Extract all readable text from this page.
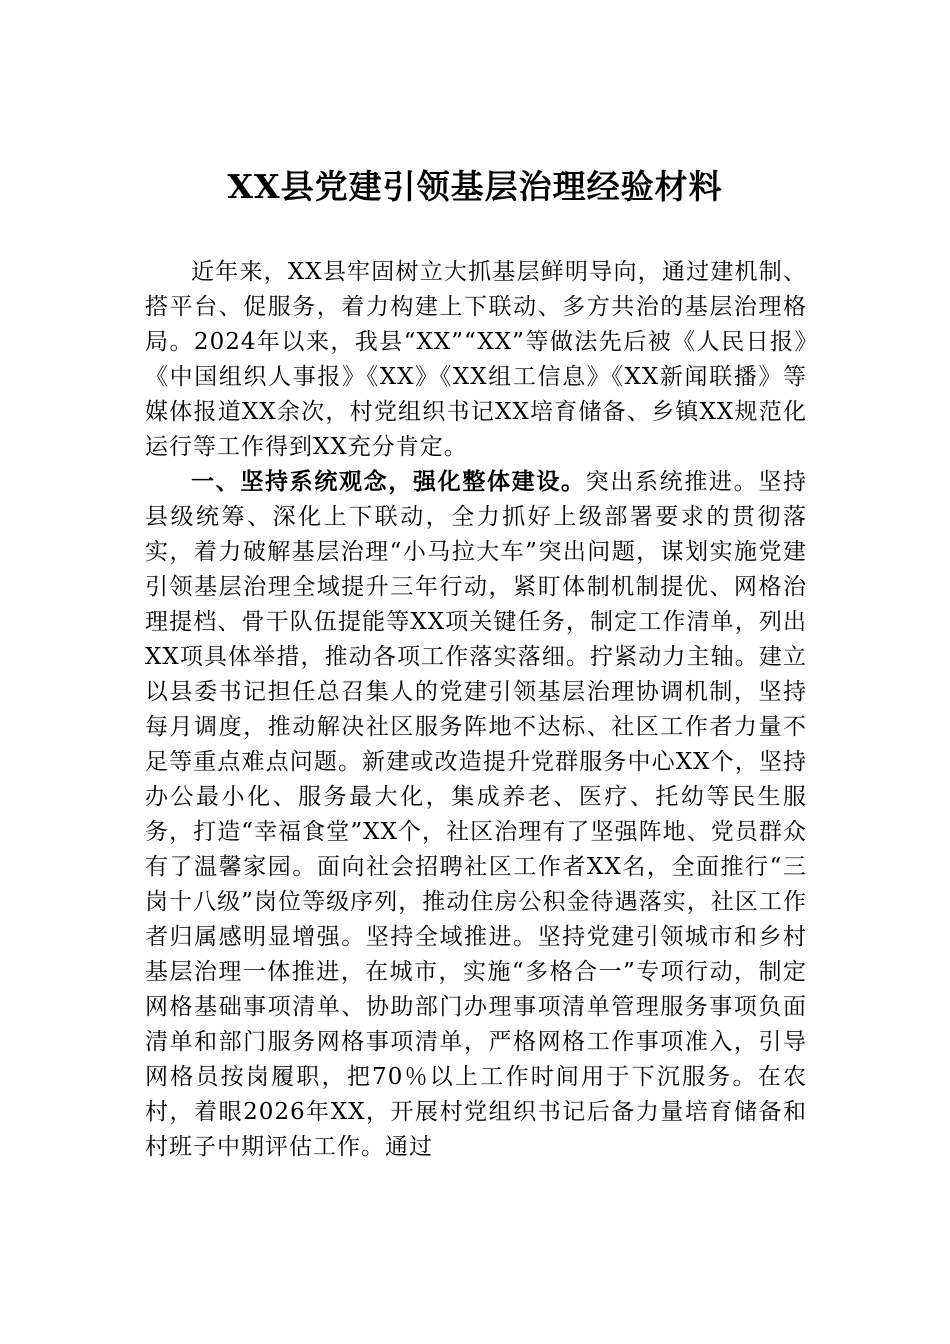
XX县党建引领基层治理经验材料

近年来，XX县牢固树立大抓基层鲜明导向，通过建机制、搭平台、促服务，着力构建上下联动、多方共治的基层治理格局。2024年以来，我县“XX”“XX”等做法先后被《人民日报》《中国组织人事报》《XX》《XX组工信息》《XX新闻联播》等媒体报道XX余次，村党组织书记XX培育储备、乡镇XX规范化运行等工作得到XX充分肯定。

一、坚持系统观念，强化整体建设。突出系统推进。坚持县级统筹、深化上下联动，全力抓好上级部署要求的贯彻落实，着力破解基层治理“小马拉大车”突出问题，谋划实施党建引领基层治理全域提升三年行动，紧盯体制机制提优、网格治理提档、骨干队伍提能等XX项关键任务，制定工作清单，列出XX项具体举措，推动各项工作落实落细。拧紧动力主轴。建立以县委书记担任总召集人的党建引领基层治理协调机制，坚持每月调度，推动解决社区服务阵地不达标、社区工作者力量不足等重点难点问题。新建或改造提升党群服务中心XX个，坚持办公最小化、服务最大化，集成养老、医疗、托幼等民生服务，打造“幸福食堂”XX个，社区治理有了坚强阵地、党员群众有了温馨家园。面向社会招聘社区工作者XX名，全面推行“三岗十八级”岗位等级序列，推动住房公积金待遇落实，社区工作者归属感明显增强。坚持全域推进。坚持党建引领城市和乡村基层治理一体推进，在城市，实施“多格合一”专项行动，制定网格基础事项清单、协助部门办理事项清单管理服务事项负面清单和部门服务网格事项清单，严格网格工作事项准入，引导网格员按岗履职，把70％以上工作时间用于下沉服务。在农村，着眼2026年XX，开展村党组织书记后备力量培育储备和村班子中期评估工作。通过
